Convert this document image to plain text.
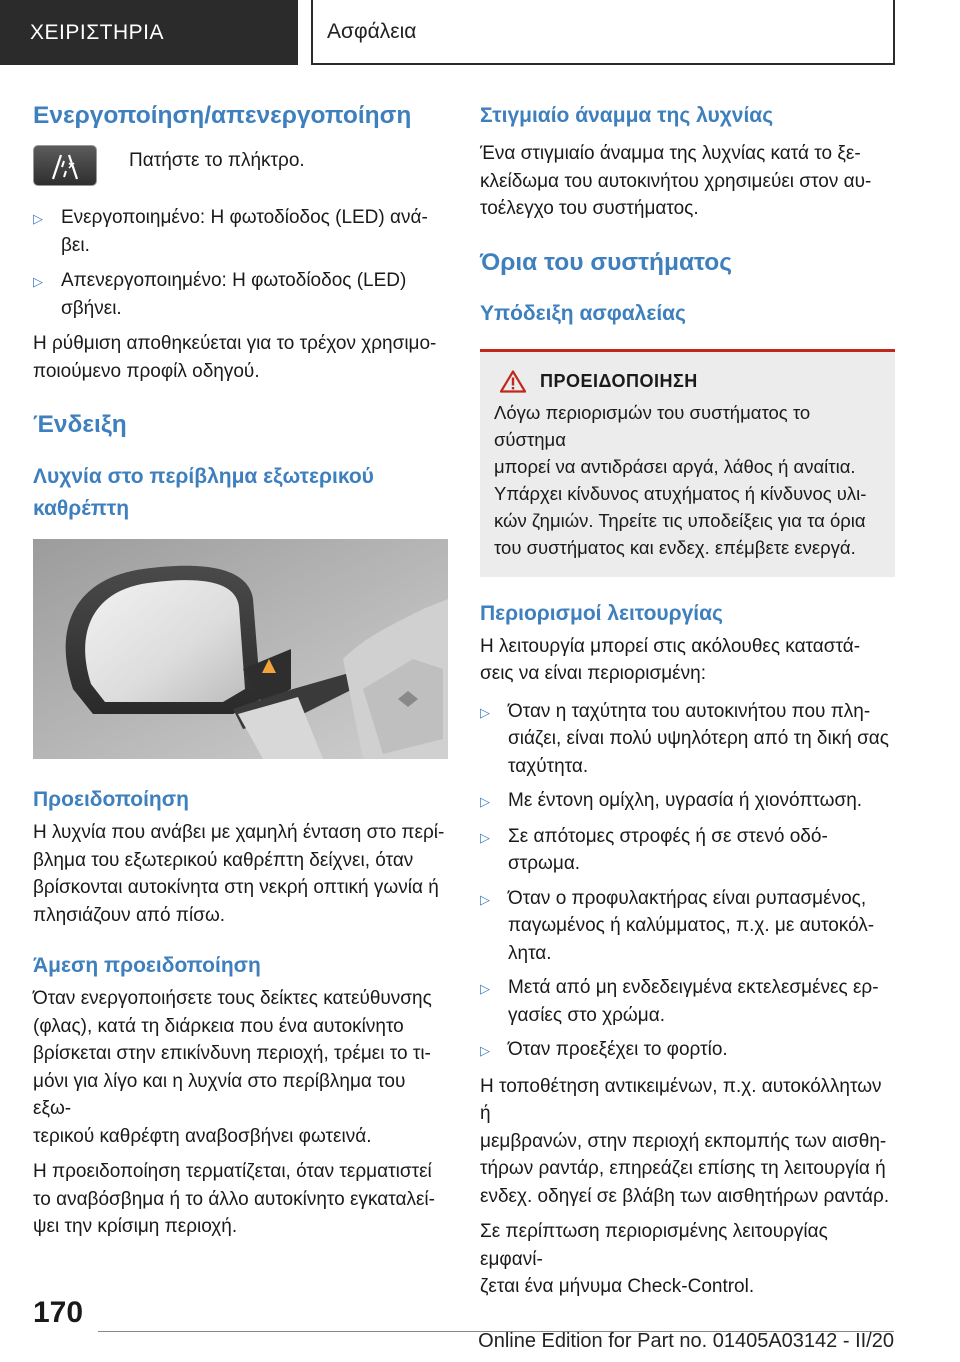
ΧΕΙΡΙΣΤΗΡΙΑ	Ασφάλεια
Ενεργοποίηση/απενεργοποίηση
Πατήστε το πλήκτρο.
▷ Ενεργοποιημένο: Η φωτοδίοδος (LED) ανά-
βει.
▷ Απενεργοποιημένο: Η φωτοδίοδος (LED)
σβήνει.

Η ρύθμιση αποθηκεύεται για το τρέχον χρησιμο-
ποιούμενο προφίλ οδηγού.

Ένδειξη
Λυχνία στο περίβλημα εξωτερικού
καθρέπτη
Προειδοποίηση

Η λυχνία που ανάβει με χαμηλή ένταση στο περί-
βλημα του εξωτερικού καθρέπτη δείχνει, όταν
βρίσκονται αυτοκίνητα στη νεκρή οπτική γωνία ή
πλησιάζουν από πίσω.

Άμεση προειδοποίηση

Όταν ενεργοποιήσετε τους δείκτες κατεύθυνσης
(φλας), κατά τη διάρκεια που ένα αυτοκίνητο
βρίσκεται στην επικίνδυνη περιοχή, τρέμει το τι-
μόνι για λίγο και η λυχνία στο περίβλημα του εξω-
τερικού καθρέφτη αναβοσβήνει φωτεινά.

Η προειδοποίηση τερματίζεται, όταν τερματιστεί
το αναβόσβημα ή το άλλο αυτοκίνητο εγκαταλεί-
ψει την κρίσιμη περιοχή.

Στιγμιαίο άναμμα της λυχνίας

Ένα στιγμιαίο άναμμα της λυχνίας κατά το ξε-
κλείδωμα του αυτοκινήτου χρησιμεύει στον αυ-
τοέλεγχο του συστήματος.

Όρια του συστήματος
Υπόδειξη ασφαλείας
ΠΡΟΕΙΔΟΠΟΙΗΣΗ

Λόγω περιορισμών του συστήματος το σύστημα
μπορεί να αντιδράσει αργά, λάθος ή αναίτια.
Υπάρχει κίνδυνος ατυχήματος ή κίνδυνος υλι-
κών ζημιών. Τηρείτε τις υποδείξεις για τα όρια
του συστήματος και ενδεχ. επέμβετε ενεργά.

Περιορισμοί λειτουργίας

Η λειτουργία μπορεί στις ακόλουθες καταστά-
σεις να είναι περιορισμένη:

▷ Όταν η ταχύτητα του αυτοκινήτου που πλη-
σιάζει, είναι πολύ υψηλότερη από τη δική σας
ταχύτητα.
▷ Με έντονη ομίχλη, υγρασία ή χιονόπτωση.
▷ Σε απότομες στροφές ή σε στενό οδό-
στρωμα.
▷ Όταν ο προφυλακτήρας είναι ρυπασμένος,
παγωμένος ή καλύμματος, π.χ. με αυτοκόλ-
λητα.
▷ Μετά από μη ενδεδειγμένα εκτελεσμένες ερ-
γασίες στο χρώμα.
▷ Όταν προεξέχει το φορτίο.

Η τοποθέτηση αντικειμένων, π.χ. αυτοκόλλητων ή
μεμβρανών, στην περιοχή εκπομπής των αισθη-
τήρων ραντάρ, επηρεάζει επίσης τη λειτουργία ή
ενδεχ. οδηγεί σε βλάβη των αισθητήρων ραντάρ.

Σε περίπτωση περιορισμένης λειτουργίας εμφανί-
ζεται ένα μήνυμα Check-Control.

170
Online Edition for Part no. 01405A03142 - II/20
